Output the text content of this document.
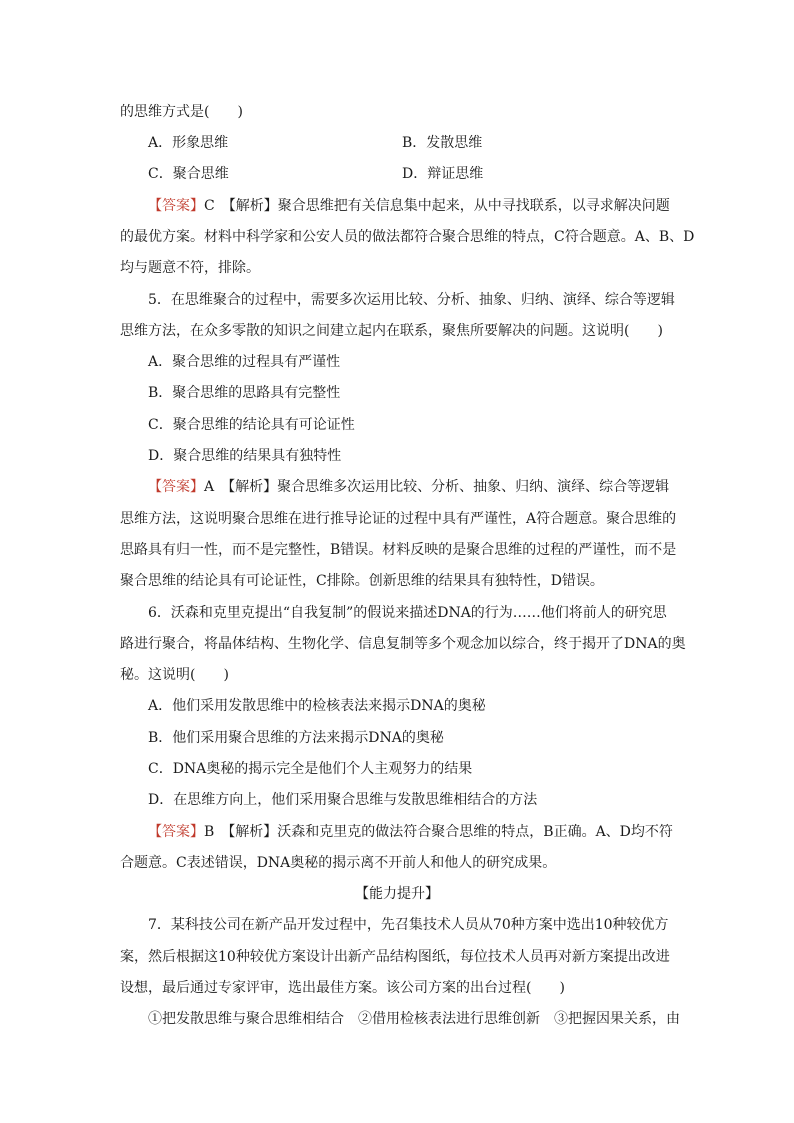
的思维方式是(　　)
A．形象思维	B．发散思维
C．聚合思维	D．辩证思维
【答案】C　【解析】聚合思维把有关信息集中起来，从中寻找联系，以寻求解决问题
的最优方案。材料中科学家和公安人员的做法都符合聚合思维的特点，C符合题意。A、B、D
均与题意不符，排除。
5．在思维聚合的过程中，需要多次运用比较、分析、抽象、归纳、演绎、综合等逻辑
思维方法，在众多零散的知识之间建立起内在联系，聚焦所要解决的问题。这说明(　　)
A．聚合思维的过程具有严谨性
B．聚合思维的思路具有完整性
C．聚合思维的结论具有可论证性
D．聚合思维的结果具有独特性
【答案】A　【解析】聚合思维多次运用比较、分析、抽象、归纳、演绎、综合等逻辑
思维方法，这说明聚合思维在进行推导论证的过程中具有严谨性，A符合题意。聚合思维的
思路具有归一性，而不是完整性，B错误。材料反映的是聚合思维的过程的严谨性，而不是
聚合思维的结论具有可论证性，C排除。创新思维的结果具有独特性，D错误。
6．沃森和克里克提出“自我复制”的假说来描述DNA的行为……他们将前人的研究思
路进行聚合，将晶体结构、生物化学、信息复制等多个观念加以综合，终于揭开了DNA的奥
秘。这说明(　　)
A．他们采用发散思维中的检核表法来揭示DNA的奥秘
B．他们采用聚合思维的方法来揭示DNA的奥秘
C．DNA奥秘的揭示完全是他们个人主观努力的结果
D．在思维方向上，他们采用聚合思维与发散思维相结合的方法
【答案】B　【解析】沃森和克里克的做法符合聚合思维的特点，B正确。A、D均不符
合题意。C表述错误，DNA奥秘的揭示离不开前人和他人的研究成果。
【能力提升】
7．某科技公司在新产品开发过程中，先召集技术人员从70种方案中选出10种较优方
案，然后根据这10种较优方案设计出新产品结构图纸，每位技术人员再对新方案提出改进
设想，最后通过专家评审，选出最佳方案。该公司方案的出台过程(　　)
①把发散思维与聚合思维相结合　②借用检核表法进行思维创新　③把握因果关系，由
